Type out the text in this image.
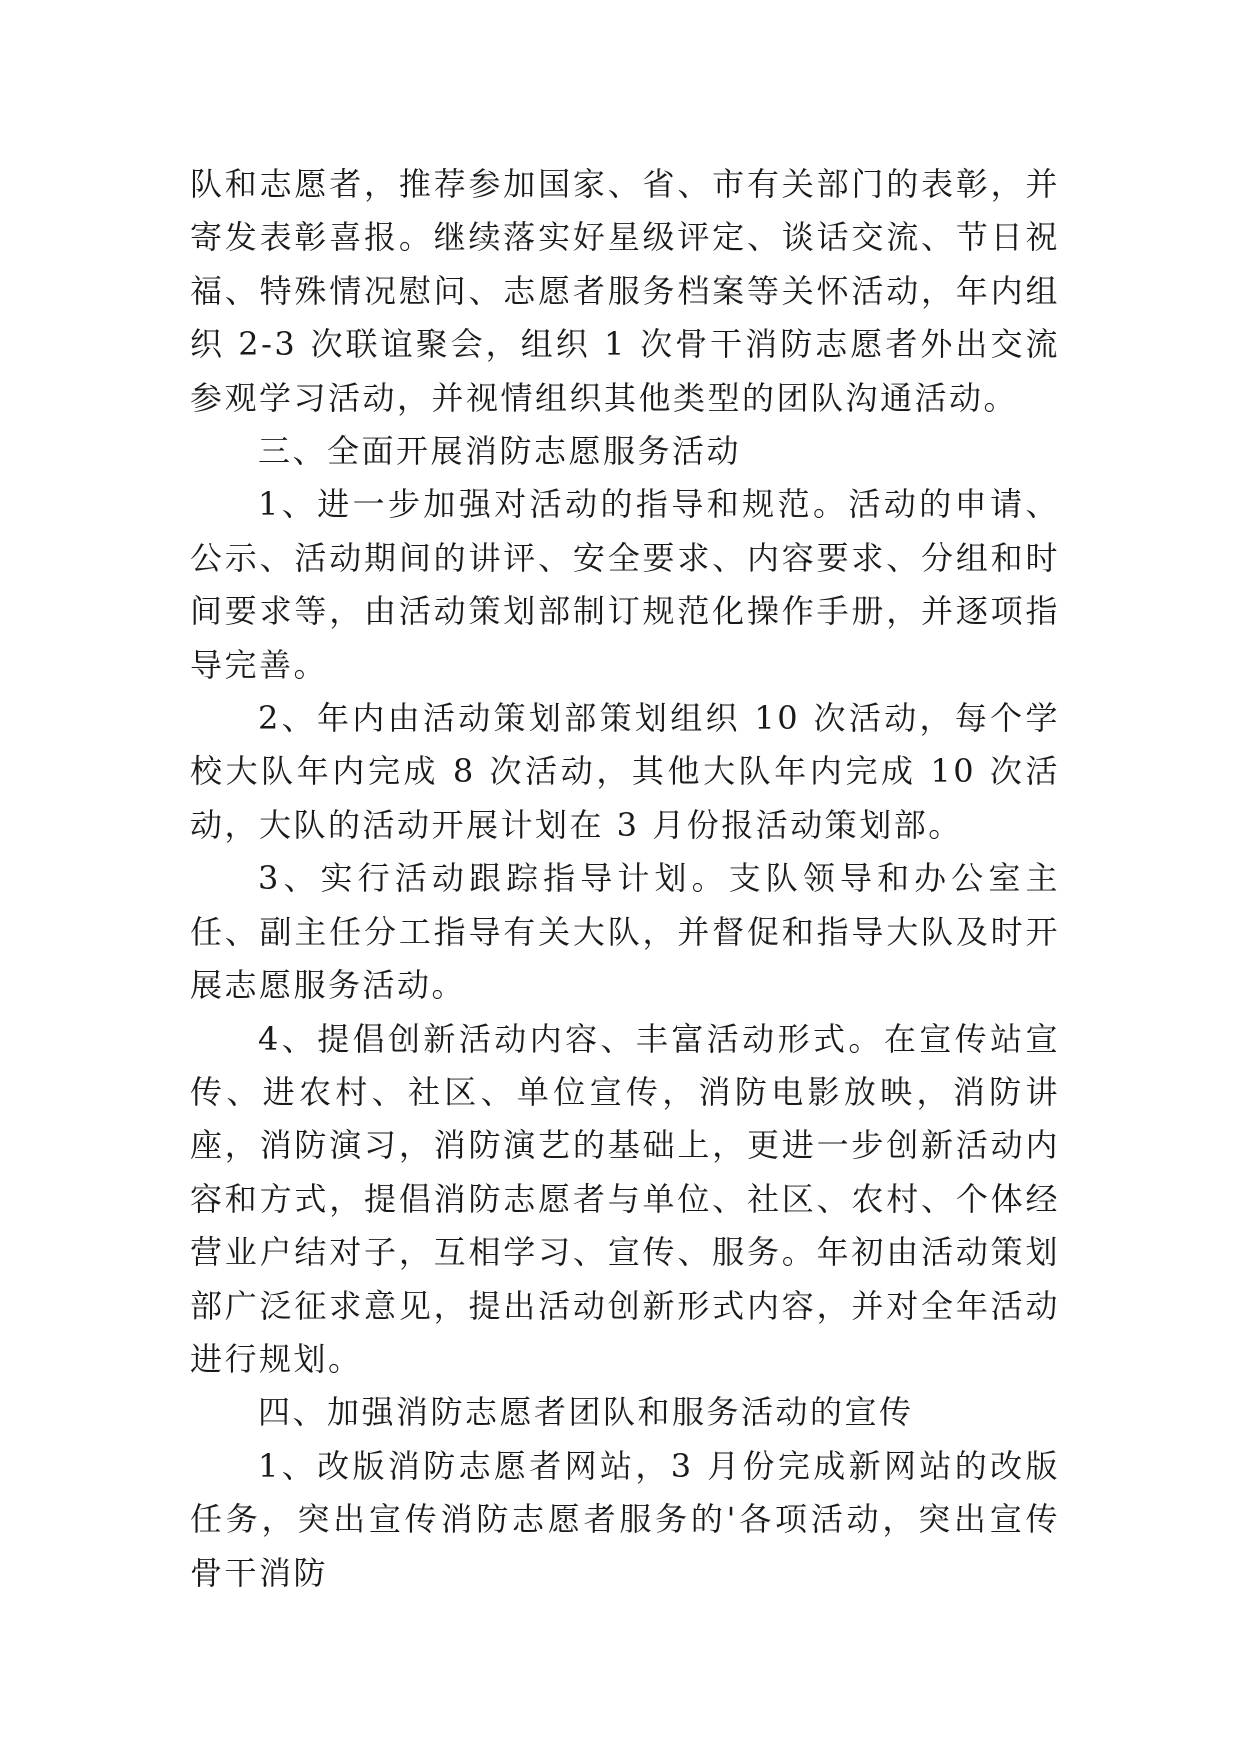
队和志愿者，推荐参加国家、省、市有关部门的表彰，并寄发表彰喜报。继续落实好星级评定、谈话交流、节日祝福、特殊情况慰问、志愿者服务档案等关怀活动，年内组织 2-3 次联谊聚会，组织 1 次骨干消防志愿者外出交流参观学习活动，并视情组织其他类型的团队沟通活动。

三、全面开展消防志愿服务活动

1、进一步加强对活动的指导和规范。活动的申请、公示、活动期间的讲评、安全要求、内容要求、分组和时间要求等，由活动策划部制订规范化操作手册，并逐项指导完善。

2、年内由活动策划部策划组织 10 次活动，每个学校大队年内完成 8 次活动，其他大队年内完成 10 次活动，大队的活动开展计划在 3 月份报活动策划部。

3、实行活动跟踪指导计划。支队领导和办公室主任、副主任分工指导有关大队，并督促和指导大队及时开展志愿服务活动。

4、提倡创新活动内容、丰富活动形式。在宣传站宣传、进农村、社区、单位宣传，消防电影放映，消防讲座，消防演习，消防演艺的基础上，更进一步创新活动内容和方式，提倡消防志愿者与单位、社区、农村、个体经营业户结对子，互相学习、宣传、服务。年初由活动策划部广泛征求意见，提出活动创新形式内容，并对全年活动进行规划。

四、加强消防志愿者团队和服务活动的宣传

1、改版消防志愿者网站，3 月份完成新网站的改版任务，突出宣传消防志愿者服务的'各项活动，突出宣传骨干消防
